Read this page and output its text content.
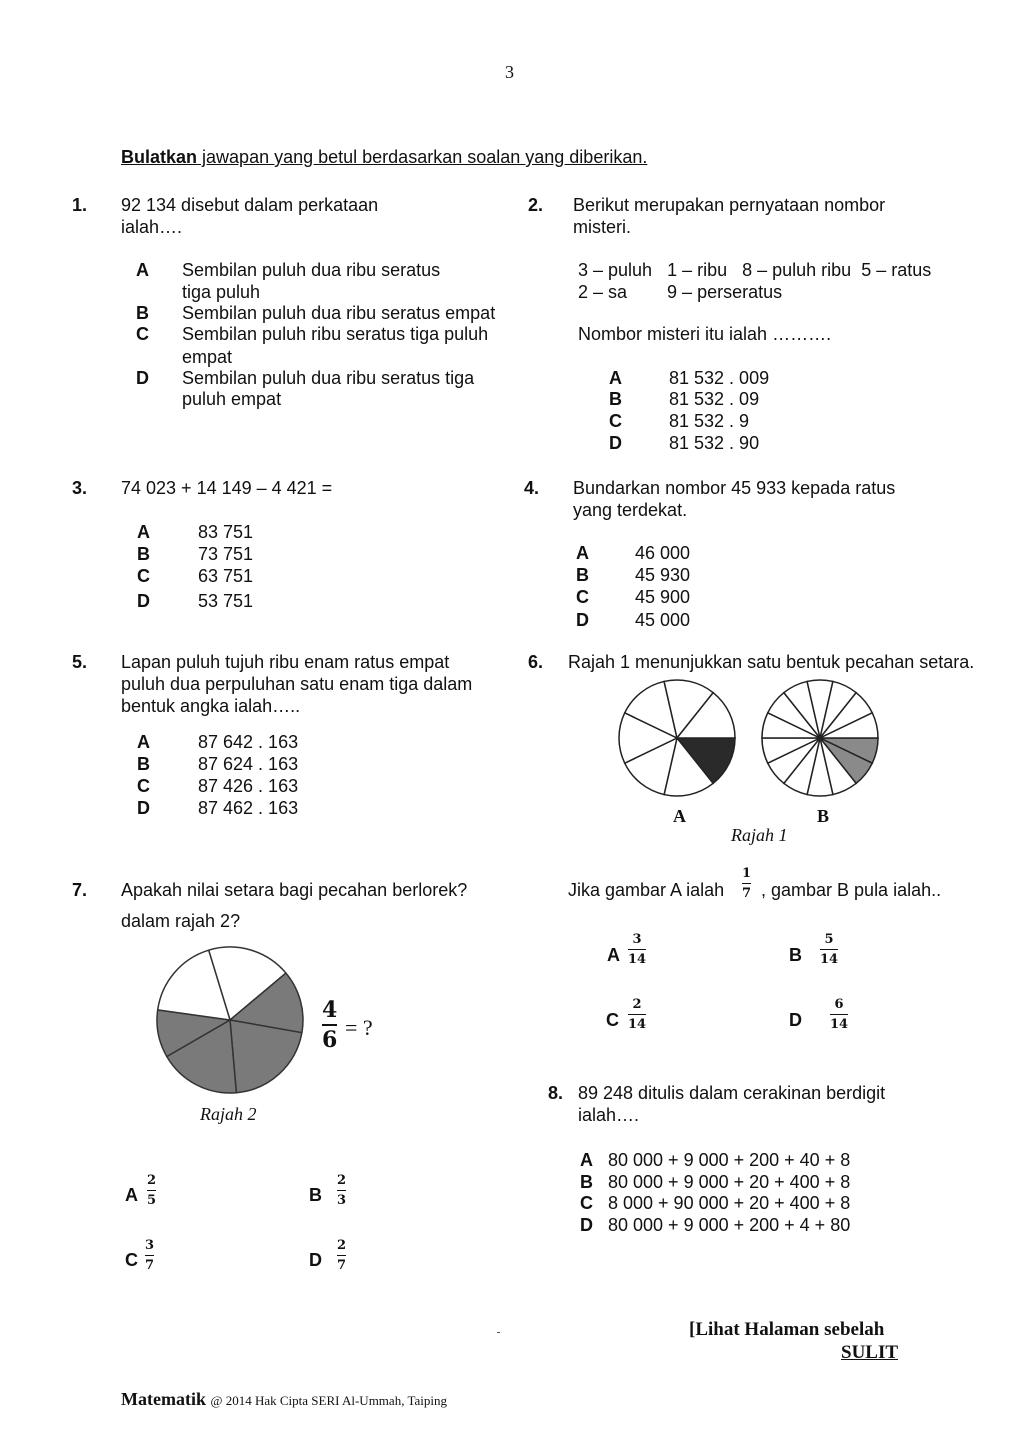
3
Bulatkan jawapan yang betul berdasarkan soalan yang diberikan.
1. 92 134 disebut dalam perkataan
ialah….
A Sembilan puluh dua ribu seratus
tiga puluh
B Sembilan puluh dua ribu seratus empat
C Sembilan puluh ribu seratus tiga puluh
empat
D Sembilan puluh dua ribu seratus tiga
puluh empat
2. Berikut merupakan pernyataan nombor
misteri.
3 – puluh   1 – ribu   8 – puluh ribu  5 – ratus
2 – sa        9 – perseratus
Nombor misteri itu ialah ……….
A	81 532 . 009
B	81 532 . 09
C	81 532 . 9
D	81 532 . 90
3. 74 023 + 14 149 – 4 421 =
A	83 751
B	73 751
C	63 751
D	53 751
4. Bundarkan nombor 45 933 kepada ratus
yang terdekat.
A	46 000
B	45 930
C	45 900
D	45 000
5. Lapan puluh tujuh ribu enam ratus empat
puluh dua perpuluhan satu enam tiga dalam
bentuk angka ialah…..
A	87 642 . 163
B	87 624 . 163
C	87 426 . 163
D	87 462 . 163
6. Rajah 1 menunjukkan satu bentuk pecahan setara.
A	B
Rajah 1
Jika gambar A ialah
1
7 , gambar B pula ialah..
A
3
14	B
5
14
C
2
14	D
6
14
7. Apakah nilai setara bagi pecahan berlorek?
dalam rajah 2?
4
6 = ?
Rajah 2
A
2
5	B
2
3
C
3
7	D
2
7
8. 89 248 ditulis dalam cerakinan berdigit
ialah….
A 80 000 + 9 000 + 200 + 40 + 8
B 80 000 + 9 000 + 20 + 400 + 8
C 8 000 + 90 000 + 20 + 400 + 8
D 80 000 + 9 000 + 200 + 4 + 80
[Lihat Halaman sebelah
SULIT
Matematik @ 2014 Hak Cipta SERI Al-Ummah, Taiping
